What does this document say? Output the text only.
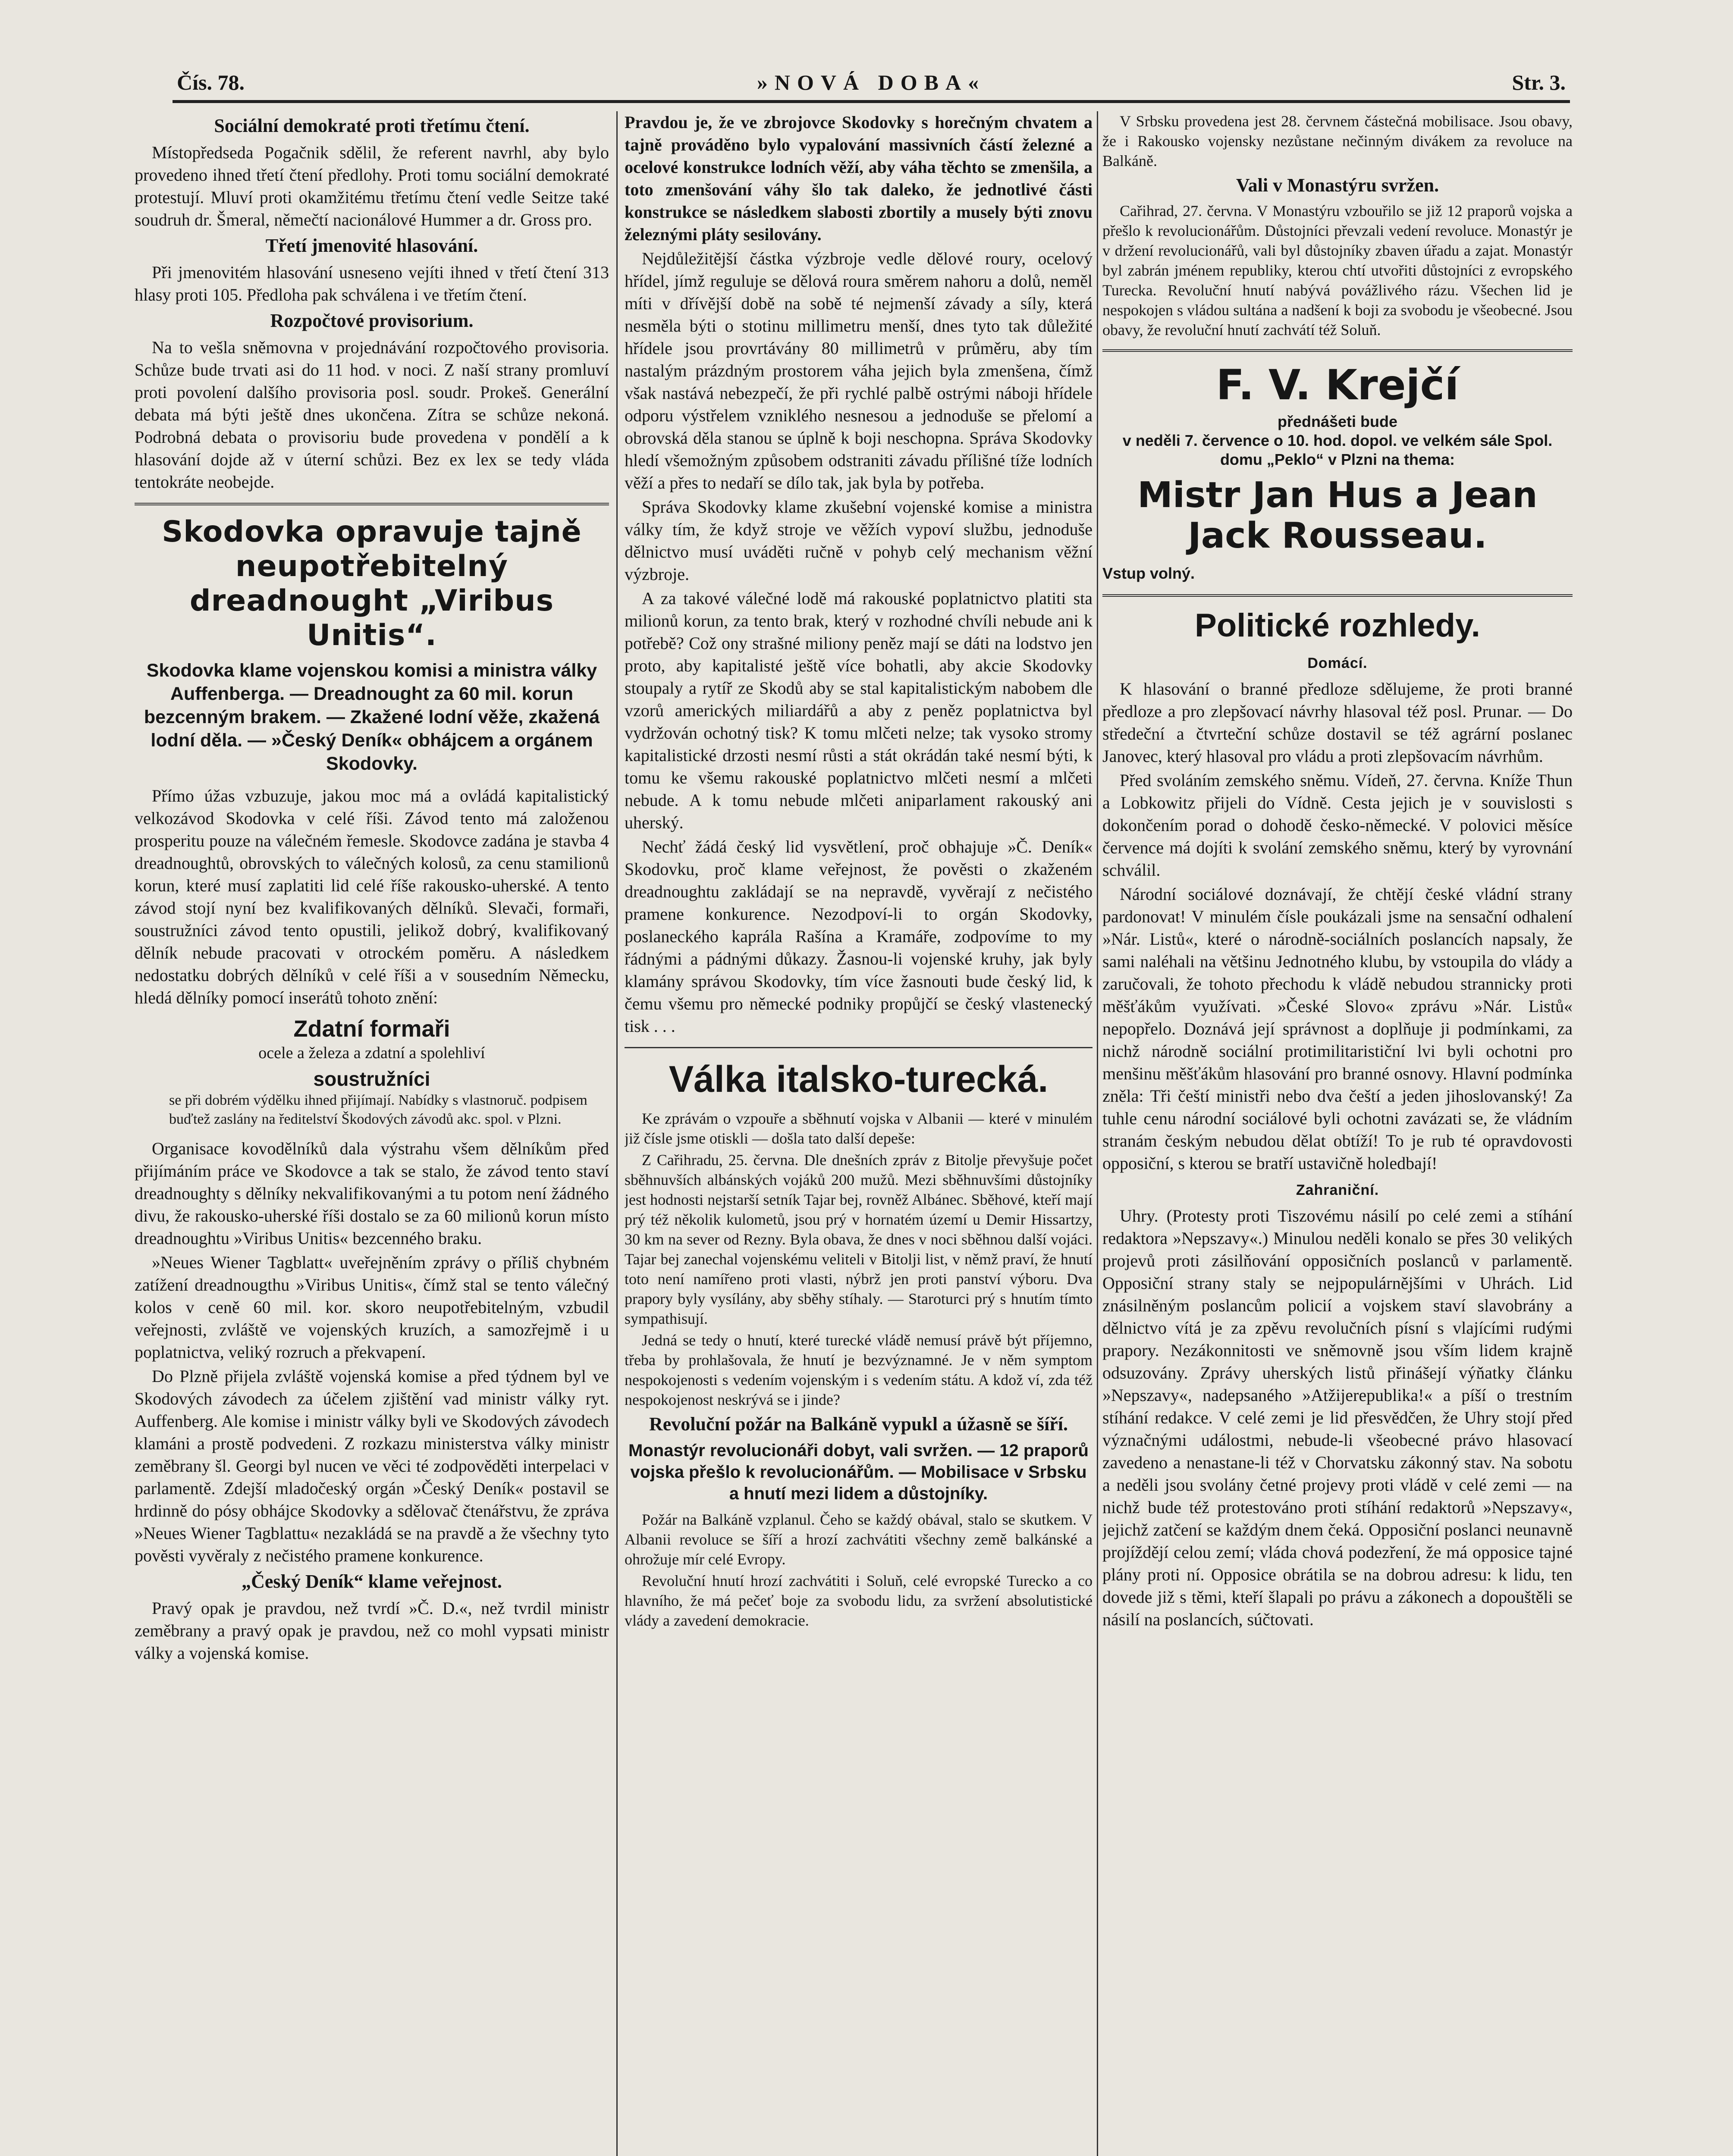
Čís. 78.	»NOVÁ DOBA«	Str. 3.
Sociální demokraté proti třetímu čtení.

Místopředseda Pogačnik sdělil, že referent navrhl, aby bylo provedeno ihned třetí čtení předlohy. Proti tomu sociální demokraté protestují. Mluví proti okamžitému třetímu čtení vedle Seitze také soudruh dr. Šmeral, němečtí nacionálové Hummer a dr. Gross pro.

Třetí jmenovité hlasování.

Při jmenovitém hlasování usneseno vejíti ihned v třetí čtení 313 hlasy proti 105. Předloha pak schválena i ve třetím čtení.

Rozpočtové provisorium.

Na to vešla sněmovna v projednávání rozpočtového provisoria. Schůze bude trvati asi do 11 hod. v noci. Z naší strany promluví proti povolení dalšího provisoria posl. soudr. Prokeš. Generální debata má býti ještě dnes ukončena. Zítra se schůze nekoná. Podrobná debata o provisoriu bude provedena v pondělí a k hlasování dojde až v úterní schůzi. Bez ex lex se tedy vláda tentokráte neobejde.

Skodovka opravuje tajně neupotřebitelný dreadnought „Viribus Unitis“.
Skodovka klame vojenskou komisi a ministra války Auffenberga. — Dreadnought za 60 mil. korun bezcenným brakem. — Zkažené lodní věže, zkažená lodní děla. — »Český Deník« obhájcem a orgánem Skodovky.

Přímo úžas vzbuzuje, jakou moc má a ovládá kapitalistický velkozávod Skodovka v celé říši. Závod tento má založenou prosperitu pouze na válečném řemesle. Skodovce zadána je stavba 4 dreadnoughtů, obrovských to válečných kolosů, za cenu stamilionů korun, které musí zaplatiti lid celé říše rakousko-uherské. A tento závod stojí nyní bez kvalifikovaných dělníků. Slevači, formaři, soustružníci závod tento opustili, jelikož dobrý, kvalifikovaný dělník nebude pracovati v otrockém poměru. A následkem nedostatku dobrých dělníků v celé říši a v sousedním Německu, hledá dělníky pomocí inserátů tohoto znění:

Zdatní formaři
ocele a železa a zdatní a spolehliví
soustružníci
se při dobrém výdělku ihned přijímají. Nabídky s vlastnoruč. podpisem buďtež zaslány na ředitelství Škodových závodů akc. spol. v Plzni.

Organisace kovodělníků dala výstrahu všem dělníkům před přijímáním práce ve Skodovce a tak se stalo, že závod tento staví dreadnoughty s dělníky nekvalifikovanými a tu potom není žádného divu, že rakousko-uherské říši dostalo se za 60 milionů korun místo dreadnoughtu »Viribus Unitis« bezcenného braku.

»Neues Wiener Tagblatt« uveřejněním zprávy o příliš chybném zatížení dreadnougthu »Viribus Unitis«, čímž stal se tento válečný kolos v ceně 60 mil. kor. skoro neupotřebitelným, vzbudil veřejnosti, zvláště ve vojenských kruzích, a samozřejmě i u poplatnictva, veliký rozruch a překvapení.

Do Plzně přijela zvláště vojenská komise a před týdnem byl ve Skodových závodech za účelem zjištění vad ministr války ryt. Auffenberg. Ale komise i ministr války byli ve Skodových závodech klamáni a prostě podvedeni. Z rozkazu ministerstva války ministr zeměbrany šl. Georgi byl nucen ve věci té zodpověděti interpelaci v parlamentě. Zdejší mladočeský orgán »Český Deník« postavil se hrdinně do pósy obhájce Skodovky a sdělovač čtenářstvu, že zpráva »Neues Wiener Tagblattu« nezakládá se na pravdě a že všechny tyto pověsti vyvěraly z nečistého pramene konkurence.

„Český Deník“ klame veřejnost.

Pravý opak je pravdou, než tvrdí »Č. D.«, než tvrdil ministr zeměbrany a pravý opak je pravdou, než co mohl vypsati ministr války a vojenská komise.

Pravdou je, že ve zbrojovce Skodovky s horečným chvatem a tajně prováděno bylo vypalování massivních částí železné a ocelové konstrukce lodních věží, aby váha těchto se zmenšila, a toto zmenšování váhy šlo tak daleko, že jednotlivé části konstrukce se následkem slabosti zbortily a musely býti znovu železnými pláty sesilovány.

Nejdůležitější částka výzbroje vedle dělové roury, ocelový hřídel, jímž reguluje se dělová roura směrem nahoru a dolů, neměl míti v dřívější době na sobě té nejmenší závady a síly, která nesměla býti o stotinu millimetru menší, dnes tyto tak důležité hřídele jsou provrtávány 80 millimetrů v průměru, aby tím nastalým prázdným prostorem váha jejich byla zmenšena, čímž však nastává nebezpečí, že při rychlé palbě ostrými náboji hřídele odporu výstřelem vzniklého nesnesou a jednoduše se přelomí a obrovská děla stanou se úplně k boji neschopna. Správa Skodovky hledí všemožným způsobem odstraniti závadu přílišné tíže lodních věží a přes to nedaří se dílo tak, jak byla by potřeba.

Správa Skodovky klame zkušební vojenské komise a ministra války tím, že když stroje ve věžích vypoví službu, jednoduše dělnictvo musí uváděti ručně v pohyb celý mechanism věžní výzbroje.

A za takové válečné lodě má rakouské poplatnictvo platiti sta milionů korun, za tento brak, který v rozhodné chvíli nebude ani k potřebě? Což ony strašné miliony peněz mají se dáti na lodstvo jen proto, aby kapitalisté ještě více bohatli, aby akcie Skodovky stoupaly a rytíř ze Skodů aby se stal kapitalistickým nabobem dle vzorů amerických miliardářů a aby z peněz poplatnictva byl vydržován ochotný tisk? K tomu mlčeti nelze; tak vysoko stromy kapitalistické drzosti nesmí růsti a stát okrádán také nesmí býti, k tomu ke všemu rakouské poplatnictvo mlčeti nesmí a mlčeti nebude. A k tomu nebude mlčeti aniparlament rakouský ani uherský.

Nechť žádá český lid vysvětlení, proč obhajuje »Č. Deník« Skodovku, proč klame veřejnost, že pověsti o zkaženém dreadnoughtu zakládají se na nepravdě, vyvěrají z nečistého pramene konkurence. Nezodpoví-li to orgán Skodovky, poslaneckého kaprála Rašína a Kramáře, zodpovíme to my řádnými a pádnými důkazy. Žasnou-li vojenské kruhy, jak byly klamány správou Skodovky, tím více žasnouti bude český lid, k čemu všemu pro německé podniky propůjčí se český vlastenecký tisk . . .

Válka italsko-turecká.

Ke zprávám o vzpouře a sběhnutí vojska v Albanii — které v minulém již čísle jsme otiskli — došla tato další depeše:

Z Cařihradu, 25. června. Dle dnešních zpráv z Bitolje převyšuje počet sběhnuvších albánských vojáků 200 mužů. Mezi sběhnuvšími důstojníky jest hodnosti nejstarší setník Tajar bej, rovněž Albánec. Sběhové, kteří mají prý též několik kulometů, jsou prý v hornatém území u Demir Hissartzy, 30 km na sever od Rezny. Byla obava, že dnes v noci sběhnou další vojáci. Tajar bej zanechal vojenskému veliteli v Bitolji list, v němž praví, že hnutí toto není namířeno proti vlasti, nýbrž jen proti panství výboru. Dva prapory byly vysílány, aby sběhy stíhaly. — Staroturci prý s hnutím tímto sympathisují.

Jedná se tedy o hnutí, které turecké vládě nemusí právě být příjemno, třeba by prohlašovala, že hnutí je bezvýznamné. Je v něm symptom nespokojenosti s vedením vojenským i s vedením státu. A kdož ví, zda též nespokojenost neskrývá se i jinde?

Revoluční požár na Balkáně vypukl a úžasně se šíří.
Monastýr revolucionáři dobyt, vali svržen. — 12 praporů vojska přešlo k revolucionářům. — Mobilisace v Srbsku a hnutí mezi lidem a důstojníky.

Požár na Balkáně vzplanul. Čeho se každý obával, stalo se skutkem. V Albanii revoluce se šíří a hrozí zachvátiti všechny země balkánské a ohrožuje mír celé Evropy.

Revoluční hnutí hrozí zachvátiti i Soluň, celé evropské Turecko a co hlavního, že má pečeť boje za svobodu lidu, za svržení absolutistické vlády a zavedení demokracie.

V Srbsku provedena jest 28. červnem částečná mobilisace. Jsou obavy, že i Rakousko vojensky nezůstane nečinným divákem za revoluce na Balkáně.

Vali v Monastýru svržen.

Cařihrad, 27. června. V Monastýru vzbouřilo se již 12 praporů vojska a přešlo k revolucionářům. Důstojníci převzali vedení revoluce. Monastýr je v držení revolucionářů, vali byl důstojníky zbaven úřadu a zajat. Monastýr byl zabrán jménem republiky, kterou chtí utvořiti důstojníci z evropského Turecka. Revoluční hnutí nabývá povážlivého rázu. Všechen lid je nespokojen s vládou sultána a nadšení k boji za svobodu je všeobecné. Jsou obavy, že revoluční hnutí zachvátí též Soluň.

F. V. Krejčí
přednášeti bude
v neděli 7. července o 10. hod. dopol. ve velkém sále Spol. domu „Peklo“ v Plzni na thema:
Mistr Jan Hus a Jean Jack Rousseau.
Vstup volný.
Politické rozhledy.
Domácí.

K hlasování o branné předloze sdělujeme, že proti branné předloze a pro zlepšovací návrhy hlasoval též posl. Prunar. — Do středeční a čtvrteční schůze dostavil se též agrární poslanec Janovec, který hlasoval pro vládu a proti zlepšovacím návrhům.

Před svoláním zemského sněmu. Vídeň, 27. června. Knížе Thun a Lobkowitz přijeli do Vídně. Cesta jejich je v souvislosti s dokončením porad o dohodě česko-německé. V polovici měsíce července má dojíti k svolání zemského sněmu, který by vyrovnání schválil.

Národní sociálové doznávají, že chtějí české vládní strany pardonovat! V minulém čísle poukázali jsme na sensační odhalení »Nár. Listů«, které o národně-sociálních poslancích napsaly, že sami naléhali na většinu Jednotného klubu, by vstoupila do vlády a zaručovali, že tohoto přechodu k vládě nebudou strannicky proti měšťákům využívati. »České Slovo« zprávu »Nár. Listů« nepopřelo. Doznává její správnost a doplňuje ji podmínkami, za nichž národně sociální protimilitarističní lvi byli ochotni pro menšinu měšťákům hlasování pro branné osnovy. Hlavní podmínka zněla: Tři čeští ministři nebo dva čeští a jeden jihoslovanský! Za tuhle cenu národní sociálové byli ochotni zavázati se, že vládním stranám českým nebudou dělat obtíží! To je rub té opravdovosti opposiční, s kterou se bratří ustavičně holedbají!

Zahraniční.

Uhry. (Protesty proti Tiszovému násilí po celé zemi a stíhání redaktora »Nepszavy«.) Minulou neděli konalo se přes 30 velikých projevů proti zásilňování opposičních poslanců v parlamentě. Opposiční strany staly se nejpopulárnějšími v Uhrách. Lid znásilněným poslancům policií a vojskem staví slavobrány a dělnictvo vítá je za zpěvu revolučních písní s vlajícími rudými prapory. Nezákonnitosti ve sněmovně jsou vším lidem krajně odsuzovány. Zprávy uherských listů přinášejí výňatky článku »Nepszavy«, nadepsaného »Atžijerepublika!« a píší o trestním stíhání redakce. V celé zemi je lid přesvědčen, že Uhry stojí před význačnými událostmi, nebude-li všeobecné právo hlasovací zavedeno a nenastane-li též v Chorvatsku zákonný stav. Na sobotu a neděli jsou svolány četné projevy proti vládě v celé zemi — na nichž bude též protestováno proti stíhání redaktorů »Nepszavy«, jejichž zatčení se každým dnem čeká. Opposiční poslanci neunavně projíždějí celou zemí; vláda chová podezření, že má opposice tajné plány proti ní. Opposice obrátila se na dobrou adresu: k lidu, ten dovede již s těmi, kteří šlapali po právu a zákonech a dopouštěli se násilí na poslancích, súčtovati.
